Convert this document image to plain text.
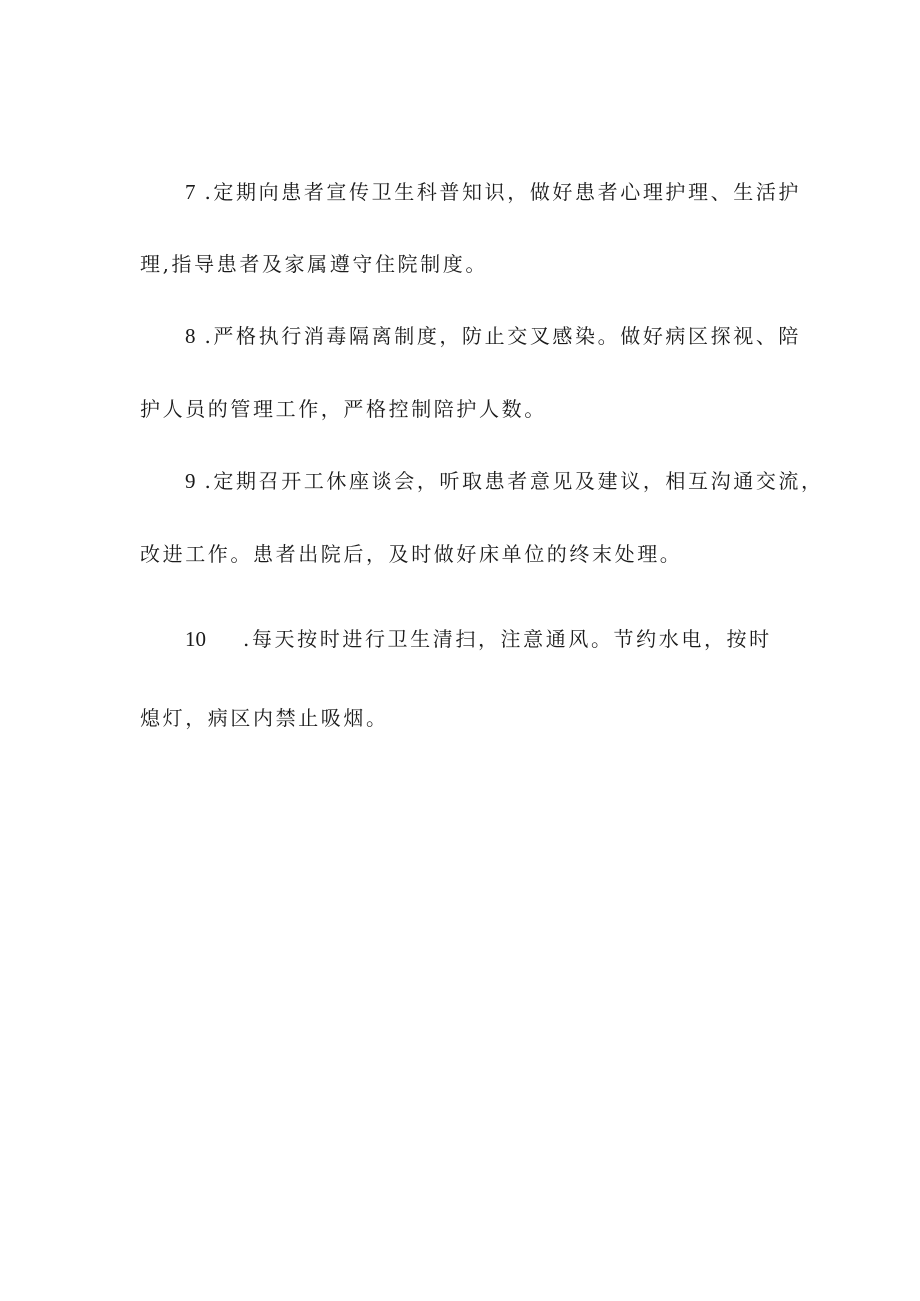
7 .定期向患者宣传卫生科普知识，做好患者心理护理、生活护
理,指导患者及家属遵守住院制度。
8 .严格执行消毒隔离制度，防止交叉感染。做好病区探视、陪
护人员的管理工作，严格控制陪护人数。
9 .定期召开工休座谈会，听取患者意见及建议，相互沟通交流，
改进工作。患者出院后，及时做好床单位的终末处理。
10 .每天按时进行卫生清扫，注意通风。节约水电，按时
熄灯，病区内禁止吸烟。
